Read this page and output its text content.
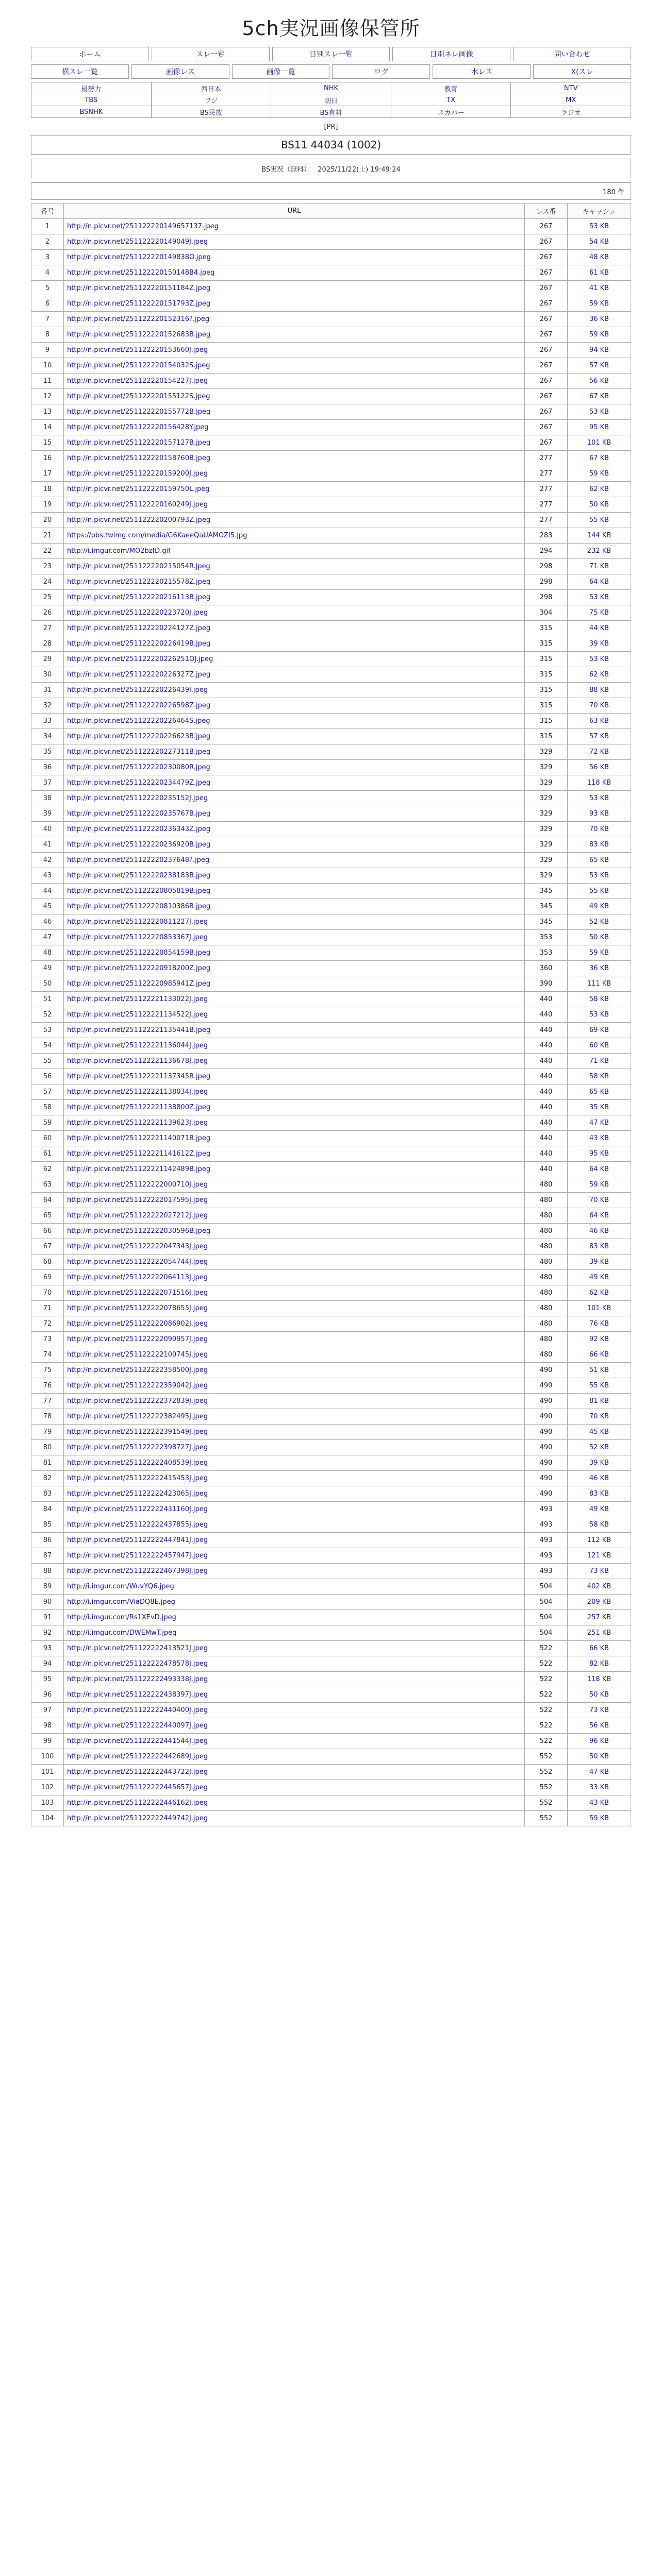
5ch実況画像保管所
ホーム	スレ一覧	日別スレ一覧	日別ネレ画像	問い合わせ
横スレ一覧	画像レス	画像一覧	ログ	水レス	X(スレ
最勢力	西日本	NHK	教育	NTV
TBS	フジ	朝日	TX	MX
BSNHK	BS民放	BS有料	スカパー	ラジオ
[PR]
BS11 44034 (1002)
BS実況（無料） 2025/11/22(土) 19:49:24
180 件
番号	URL	レス番	キャッシュ
1	http://n.picvr.net/251122220149657137.jpeg	267	53 KB
2	http://n.picvr.net/251122220149049J.jpeg	267	54 KB
3	http://n.picvr.net/251122220149838O.jpeg	267	48 KB
4	http://n.picvr.net/251122220150148B4.jpeg	267	61 KB
5	http://n.picvr.net/251122220151184Z.jpeg	267	41 KB
6	http://n.picvr.net/251122220151793Z.jpeg	267	59 KB
7	http://n.picvr.net/251122220152316?.jpeg	267	36 KB
8	http://n.picvr.net/251122220152683B.jpeg	267	59 KB
9	http://n.picvr.net/251122220153660J.jpeg	267	94 KB
10	http://n.picvr.net/251122220154032S.jpeg	267	57 KB
11	http://n.picvr.net/251122220154227J.jpeg	267	56 KB
12	http://n.picvr.net/251122220155122S.jpeg	267	67 KB
13	http://n.picvr.net/251122220155772B.jpeg	267	53 KB
14	http://n.picvr.net/251122220156428Y.jpeg	267	95 KB
15	http://n.picvr.net/251122220157127B.jpeg	267	101 KB
16	http://n.picvr.net/251122220158760B.jpeg	277	67 KB
17	http://n.picvr.net/251122220159200J.jpeg	277	59 KB
18	http://n.picvr.net/251122220159750L.jpeg	277	62 KB
19	http://n.picvr.net/251122220160249J.jpeg	277	50 KB
20	http://n.picvr.net/251122220200793Z.jpeg	277	55 KB
21	https://pbs.twimg.com/media/G6KaeeQaUAMOZI5.jpg	283	144 KB
22	http://i.imgur.com/MO2bzfD.gif	294	232 KB
23	http://n.picvr.net/251122220215054R.jpeg	298	71 KB
24	http://n.picvr.net/251122220215578Z.jpeg	298	64 KB
25	http://n.picvr.net/251122220216113B.jpeg	298	53 KB
26	http://n.picvr.net/251122220223720J.jpeg	304	75 KB
27	http://n.picvr.net/251122220224127Z.jpeg	315	44 KB
28	http://n.picvr.net/251122220226419B.jpeg	315	39 KB
29	http://n.picvr.net/251122220226251OJ.jpeg	315	53 KB
30	http://n.picvr.net/251122220226327Z.jpeg	315	62 KB
31	http://n.picvr.net/251122220226439I.jpeg	315	88 KB
32	http://n.picvr.net/251122220226598Z.jpeg	315	70 KB
33	http://n.picvr.net/251122220226464S.jpeg	315	63 KB
34	http://n.picvr.net/251122220226623B.jpeg	315	57 KB
35	http://n.picvr.net/251122220227311B.jpeg	329	72 KB
36	http://n.picvr.net/251122220230080R.jpeg	329	56 KB
37	http://n.picvr.net/251122220234479Z.jpeg	329	118 KB
38	http://n.picvr.net/251122220235152J.jpeg	329	53 KB
39	http://n.picvr.net/251122220235767B.jpeg	329	93 KB
40	http://n.picvr.net/251122220236343Z.jpeg	329	70 KB
41	http://n.picvr.net/251122220236920B.jpeg	329	83 KB
42	http://n.picvr.net/251122220237648?.jpeg	329	65 KB
43	http://n.picvr.net/251122220238183B.jpeg	329	53 KB
44	http://n.picvr.net/251122220805819B.jpeg	345	55 KB
45	http://n.picvr.net/251122220810386B.jpeg	345	49 KB
46	http://n.picvr.net/251122220811227J.jpeg	345	52 KB
47	http://n.picvr.net/251122220853367J.jpeg	353	50 KB
48	http://n.picvr.net/251122220854159B.jpeg	353	59 KB
49	http://n.picvr.net/251122220918200Z.jpeg	360	36 KB
50	http://n.picvr.net/251122220985941Z.jpeg	390	111 KB
51	http://n.picvr.net/251122221133022J.jpeg	440	58 KB
52	http://n.picvr.net/251122221134522J.jpeg	440	53 KB
53	http://n.picvr.net/251122221135441B.jpeg	440	69 KB
54	http://n.picvr.net/251122221136044J.jpeg	440	60 KB
55	http://n.picvr.net/251122221136678J.jpeg	440	71 KB
56	http://n.picvr.net/251122221137345B.jpeg	440	58 KB
57	http://n.picvr.net/251122221138034J.jpeg	440	65 KB
58	http://n.picvr.net/251122221138800Z.jpeg	440	35 KB
59	http://n.picvr.net/251122221139623J.jpeg	440	47 KB
60	http://n.picvr.net/251122221140071B.jpeg	440	43 KB
61	http://n.picvr.net/251122221141612Z.jpeg	440	95 KB
62	http://n.picvr.net/251122221142489B.jpeg	440	64 KB
63	http://n.picvr.net/251122222000710J.jpeg	480	59 KB
64	http://n.picvr.net/251122222017595J.jpeg	480	70 KB
65	http://n.picvr.net/251122222027212J.jpeg	480	64 KB
66	http://n.picvr.net/251122222030596B.jpeg	480	46 KB
67	http://n.picvr.net/251122222047343J.jpeg	480	83 KB
68	http://n.picvr.net/251122222054744J.jpeg	480	39 KB
69	http://n.picvr.net/251122222064113J.jpeg	480	49 KB
70	http://n.picvr.net/251122222071516J.jpeg	480	62 KB
71	http://n.picvr.net/251122222078655J.jpeg	480	101 KB
72	http://n.picvr.net/251122222086902J.jpeg	480	76 KB
73	http://n.picvr.net/251122222090957J.jpeg	480	92 KB
74	http://n.picvr.net/251122222100745J.jpeg	480	66 KB
75	http://n.picvr.net/251122222358500J.jpeg	490	51 KB
76	http://n.picvr.net/251122222359042J.jpeg	490	55 KB
77	http://n.picvr.net/251122222372839J.jpeg	490	81 KB
78	http://n.picvr.net/251122222382495J.jpeg	490	70 KB
79	http://n.picvr.net/251122222391549J.jpeg	490	45 KB
80	http://n.picvr.net/251122222398727J.jpeg	490	52 KB
81	http://n.picvr.net/251122222408539J.jpeg	490	39 KB
82	http://n.picvr.net/251122222415453J.jpeg	490	46 KB
83	http://n.picvr.net/251122222423065J.jpeg	490	83 KB
84	http://n.picvr.net/251122222431160J.jpeg	493	49 KB
85	http://n.picvr.net/251122222437855J.jpeg	493	58 KB
86	http://n.picvr.net/251122222447841J.jpeg	493	112 KB
87	http://n.picvr.net/251122222457947J.jpeg	493	121 KB
88	http://n.picvr.net/251122222467398J.jpeg	493	73 KB
89	http://i.imgur.com/WuvYQ6.jpeg	504	402 KB
90	http://i.imgur.com/ViaDQ8E.jpeg	504	209 KB
91	http://i.imgur.com/Rs1XEvD.jpeg	504	257 KB
92	http://i.imgur.com/DWEMwT.jpeg	504	251 KB
93	http://n.picvr.net/251122222413521J.jpeg	522	66 KB
94	http://n.picvr.net/251122222478578J.jpeg	522	82 KB
95	http://n.picvr.net/251122222493338J.jpeg	522	118 KB
96	http://n.picvr.net/251122222438397J.jpeg	522	50 KB
97	http://n.picvr.net/251122222440400J.jpeg	522	73 KB
98	http://n.picvr.net/251122222440097J.jpeg	522	56 KB
99	http://n.picvr.net/251122222441544J.jpeg	522	96 KB
100	http://n.picvr.net/251122222442689J.jpeg	552	50 KB
101	http://n.picvr.net/251122222443722J.jpeg	552	47 KB
102	http://n.picvr.net/251122222445657J.jpeg	552	33 KB
103	http://n.picvr.net/251122222446162J.jpeg	552	43 KB
104	http://n.picvr.net/251122222449742J.jpeg	552	59 KB
